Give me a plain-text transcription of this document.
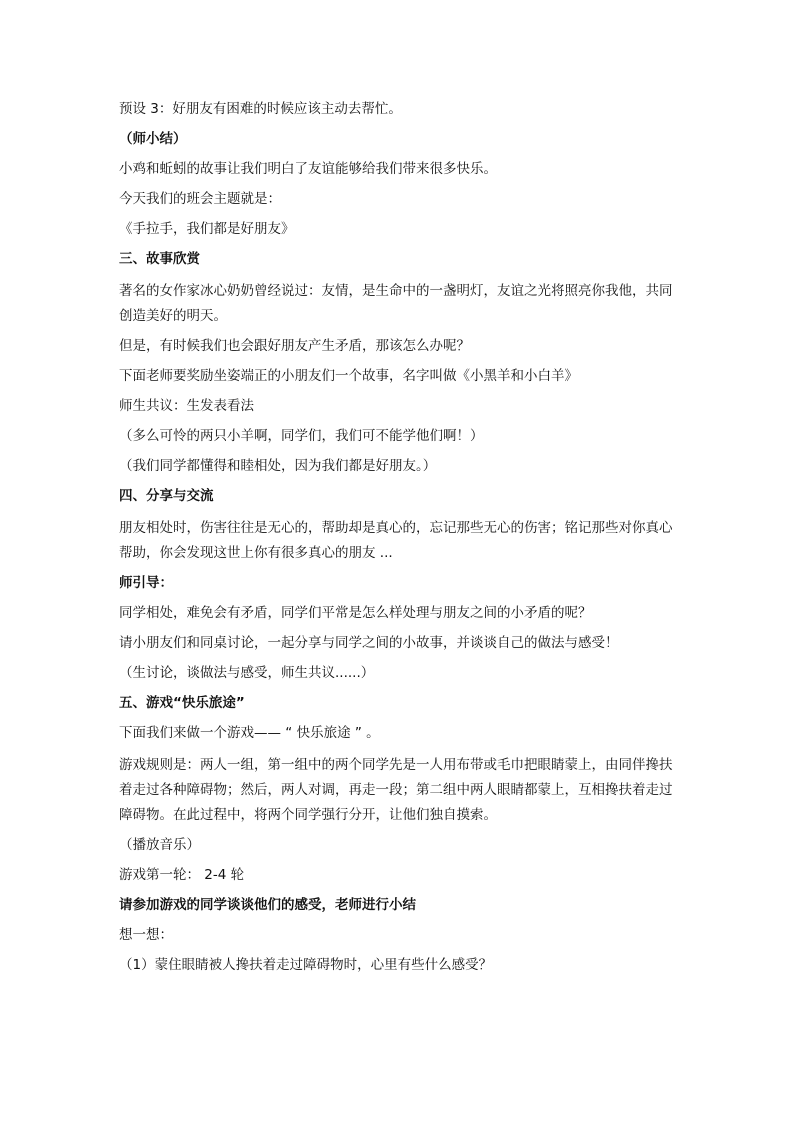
预设 3：好朋友有困难的时候应该主动去帮忙。
（师小结）
小鸡和蚯蚓的故事让我们明白了友谊能够给我们带来很多快乐。
今天我们的班会主题就是：
《手拉手，我们都是好朋友》
三、故事欣赏
著名的女作家冰心奶奶曾经说过：友情，是生命中的一盏明灯，友谊之光将照亮你我他，共同创造美好的明天。
但是，有时候我们也会跟好朋友产生矛盾，那该怎么办呢？
下面老师要奖励坐姿端正的小朋友们一个故事，名字叫做《小黑羊和小白羊》
师生共议：生发表看法
（多么可怜的两只小羊啊，同学们，我们可不能学他们啊！）
（我们同学都懂得和睦相处，因为我们都是好朋友。）
四、分享与交流
朋友相处时，伤害往往是无心的，帮助却是真心的，忘记那些无心的伤害；铭记那些对你真心帮助，你会发现这世上你有很多真心的朋友 ...
师引导：
同学相处，难免会有矛盾，同学们平常是怎么样处理与朋友之间的小矛盾的呢？
请小朋友们和同桌讨论，一起分享与同学之间的小故事，并谈谈自己的做法与感受！
（生讨论，谈做法与感受，师生共议......）
五、游戏“快乐旅途”
下面我们来做一个游戏—— “ 快乐旅途 ” 。
游戏规则是：两人一组，第一组中的两个同学先是一人用布带或毛巾把眼睛蒙上，由同伴搀扶着走过各种障碍物；然后，两人对调，再走一段；第二组中两人眼睛都蒙上，互相搀扶着走过障碍物。在此过程中，将两个同学强行分开，让他们独自摸索。
（播放音乐）
游戏第一轮： 2-4 轮
请参加游戏的同学谈谈他们的感受，老师进行小结
想一想：
（1）蒙住眼睛被人搀扶着走过障碍物时，心里有些什么感受？
